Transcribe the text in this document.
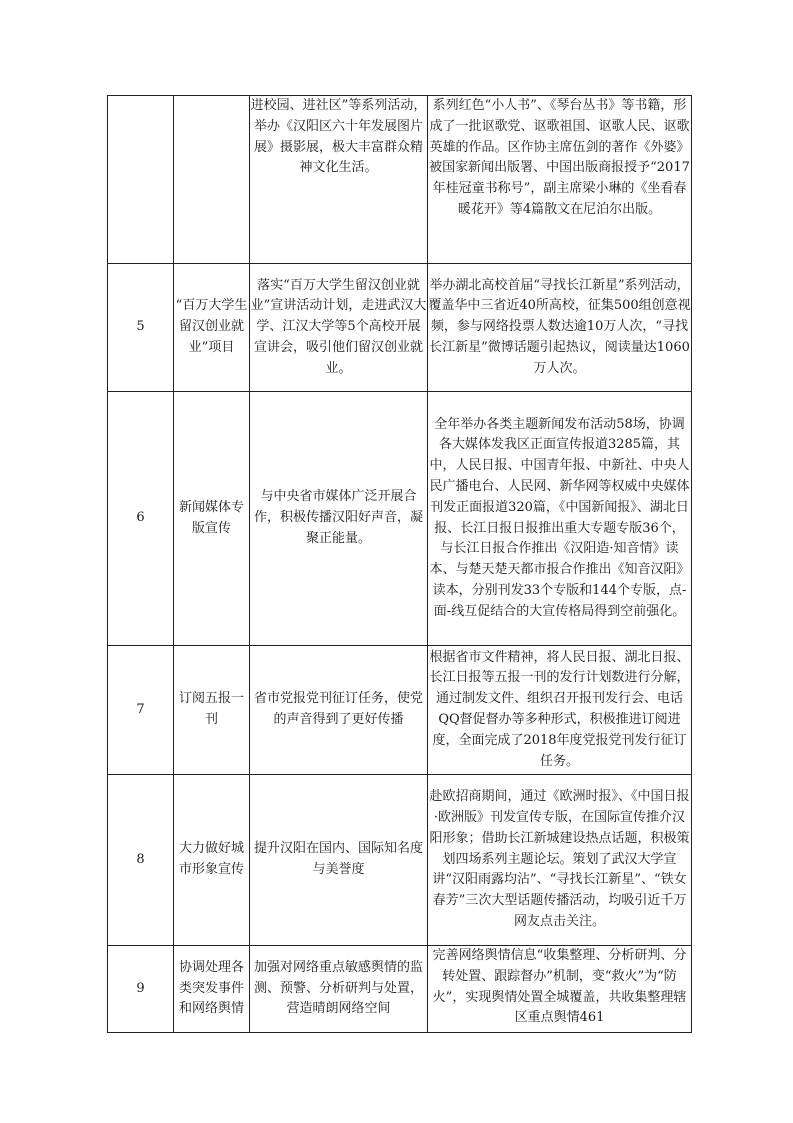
		进校园、进社区”等系列活动，举办《汉阳区六十年发展图片展》摄影展，极大丰富群众精神文化生活。	系列红色“小人书”、《琴台丛书》等书籍，形成了一批讴歌党、讴歌祖国、讴歌人民、讴歌英雄的作品。区作协主席伍剑的著作《外婆》被国家新闻出版署、中国出版商报授予“2017年桂冠童书称号”，副主席梁小琳的《坐看春暖花开》等4篇散文在尼泊尔出版。

5	“百万大学生留汉创业就业”项目	落实“百万大学生留汉创业就业”宣讲活动计划，走进武汉大学、江汉大学等5个高校开展宣讲会，吸引他们留汉创业就业。	举办湖北高校首届“寻找长江新星”系列活动，覆盖华中三省近40所高校，征集500组创意视频，参与网络投票人数达逾10万人次，“寻找长江新星”微博话题引起热议，阅读量达1060万人次。
6	新闻媒体专版宣传	与中央省市媒体广泛开展合作，积极传播汉阳好声音，凝聚正能量。	全年举办各类主题新闻发布活动58场，协调各大媒体发我区正面宣传报道3285篇，其中，人民日报、中国青年报、中新社、中央人民广播电台、人民网、新华网等权威中央媒体刊发正面报道320篇，《中国新闻报》、湖北日报、长江日报日报推出重大专题专版36个，与长江日报合作推出《汉阳造·知音情》读本、与楚天楚天都市报合作推出《知音汉阳》读本，分别刊发33个专版和144个专版，点-面-线互促结合的大宣传格局得到空前强化。
7	订阅五报一刊	省市党报党刊征订任务，使党的声音得到了更好传播	根据省市文件精神，将人民日报、湖北日报、长江日报等五报一刊的发行计划数进行分解，通过制发文件、组织召开报刊发行会、电话QQ督促督办等多种形式，积极推进订阅进度，全面完成了2018年度党报党刊发行征订任务。
8	大力做好城市形象宣传	提升汉阳在国内、国际知名度与美誉度	赴欧招商期间，通过《欧洲时报》、《中国日报·欧洲版》刊发宣传专版，在国际宣传推介汉阳形象；借助长江新城建设热点话题，积极策划四场系列主题论坛。策划了武汉大学宣讲“汉阳雨露均沾”、“寻找长江新星”、“铁女春芳”三次大型话题传播活动，均吸引近千万网友点击关注。
9	协调处理各类突发事件和网络舆情	加强对网络重点敏感舆情的监测、预警、分析研判与处置，营造晴朗网络空间	完善网络舆情信息“收集整理、分析研判、分转处置、跟踪督办”机制，变“救火”为“防火”，实现舆情处置全城覆盖，共收集整理辖区重点舆情461
